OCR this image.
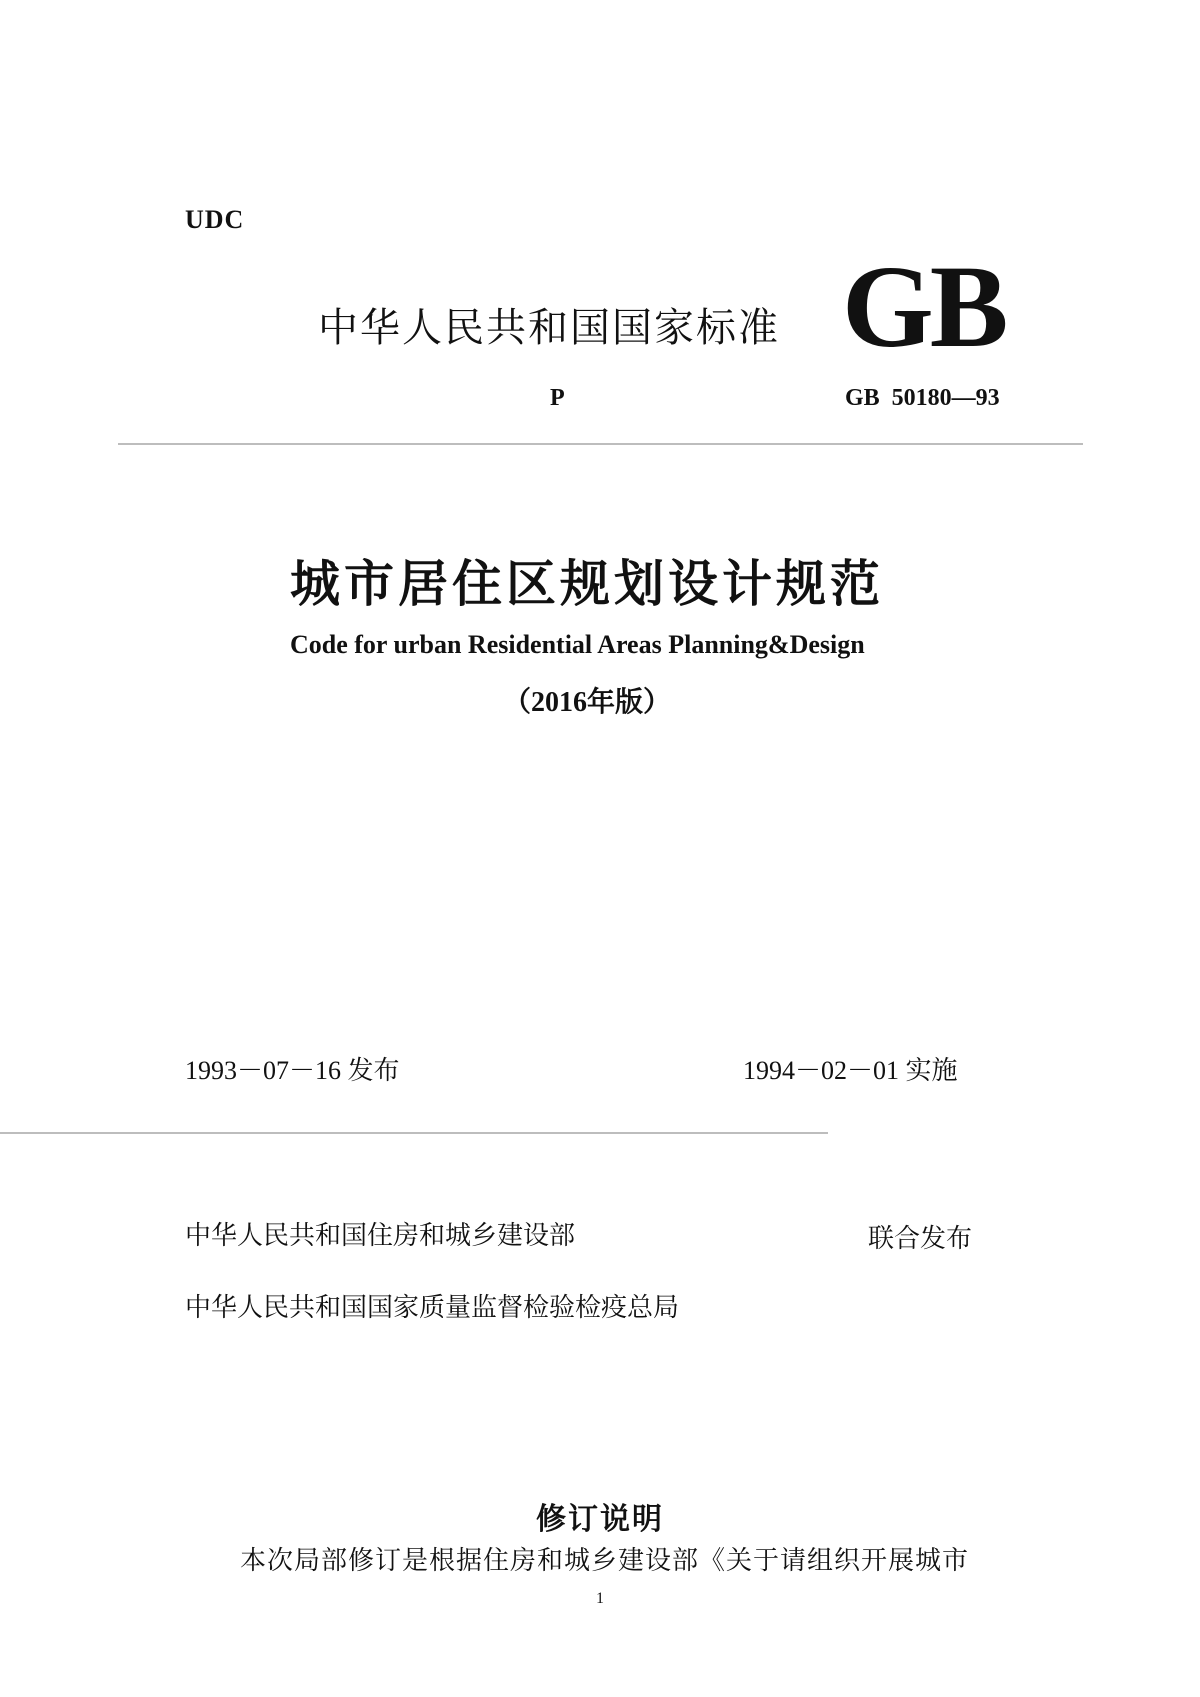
UDC
中华人民共和国国家标准 GB
P	GB 50180—93
城市居住区规划设计规范
Code for urban Residential Areas Planning&Design
（2016年版）
1993－07－16 发布	1994－02－01 实施
中华人民共和国住房和城乡建设部	联合发布
中华人民共和国国家质量监督检验检疫总局
修订说明
本次局部修订是根据住房和城乡建设部《关于请组织开展城市
1
